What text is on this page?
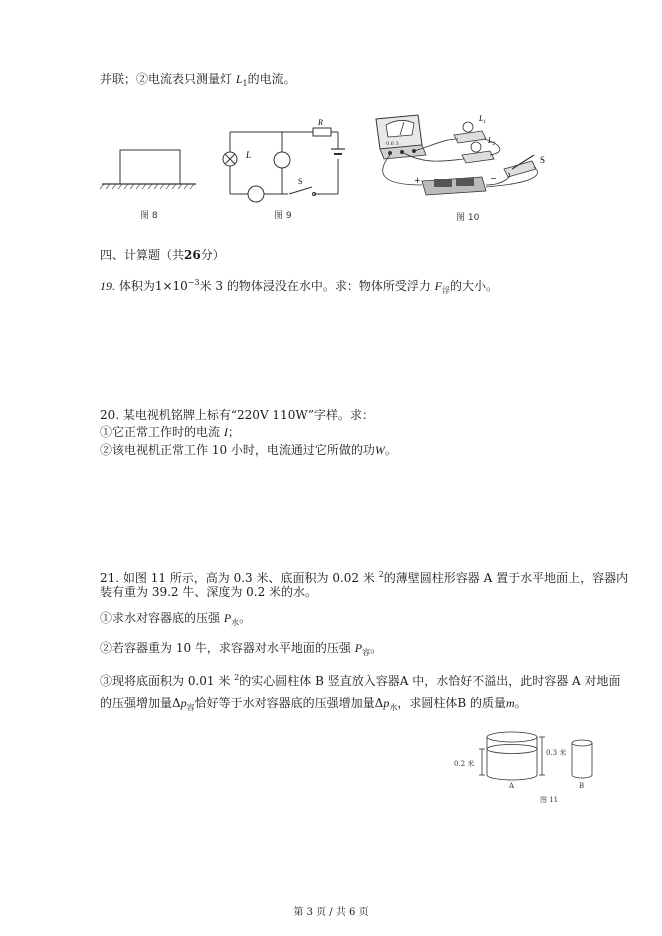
并联；②电流表只测量灯 $L_1$的电流。
图 8
L
R
S
图 9
0.6 3
$L_1$
$L_2$
S
+	−
图 10
四、计算题（共26分）
19. 体积为$1\times 10^{-3}$米 3 的物体浸没在水中。求：物体所受浮力 $F_浮$的大小。
20. 某电视机铭牌上标有“220V 110W”字样。求：
①它正常工作时的电流 I；
②该电视机正常工作 10 小时，电流通过它所做的功W。
21. 如图 11 所示，高为 0.3 米、底面积为 0.02 米 $^2$的薄壁圆柱形容器 A 置于水平地面上，容器内
装有重为 39.2 牛、深度为 0.2 米的水。
①求水对容器底的压强 $P_水$。
②若容器重为 10 牛，求容器对水平地面的压强 $P_容$。
③现将底面积为 0.01 米 $^2$的实心圆柱体 B 竖直放入容器A 中，水恰好不溢出，此时容器 A 对地面
的压强增加量$\Delta p_容$恰好等于水对容器底的压强增加量$\Delta p_水$，求圆柱体B 的质量m。
0.2 米
0.3 米
A	B
图 11
第 3 页 / 共 6 页
